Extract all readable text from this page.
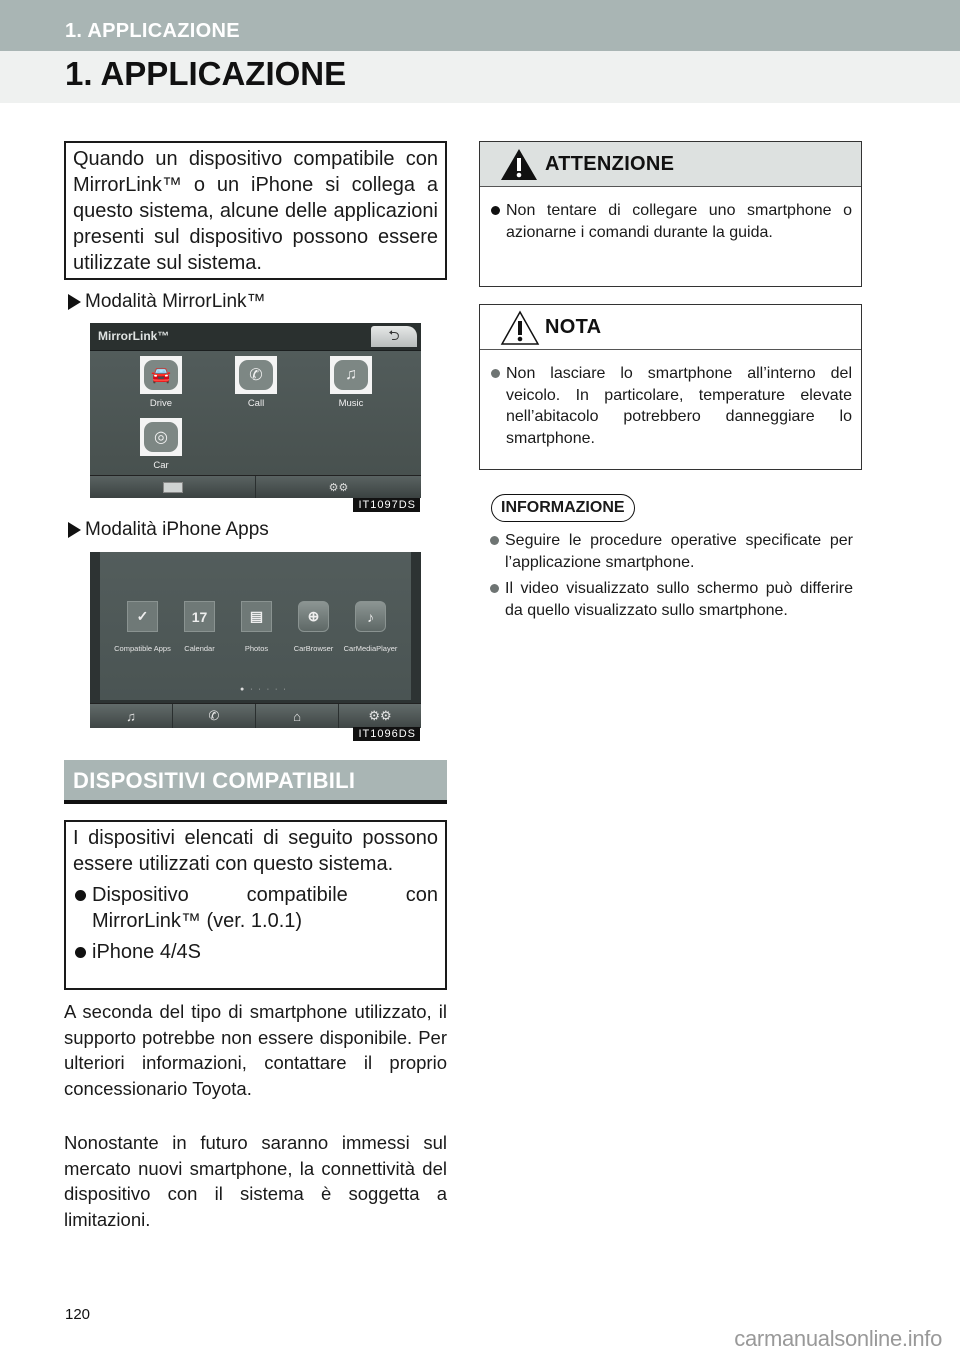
1. APPLICAZIONE
1. APPLICAZIONE

Quando un dispositivo compatibile con MirrorLink™ o un iPhone si collega a questo sistema, alcune delle applicazioni presenti sul dispositivo possono essere utilizzate sul sistema.

Modalità MirrorLink™
MirrorLink™	⮌
🚘
Drive
✆
Call
♫
Music
◎
Car
⚙⚙
IT1097DS
Modalità iPhone Apps
✓
Compatible Apps
17
Calendar
▤
Photos
⊕
CarBrowser
♪
CarMediaPlayer
● · · · · ·
♫	✆	⌂	⚙⚙
IT1096DS
DISPOSITIVI COMPATIBILI

I dispositivi elencati di seguito possono essere utilizzati con questo sistema.

Dispositivo compatibile con MirrorLink™ (ver. 1.0.1)
iPhone 4/4S

A seconda del tipo di smartphone utilizzato, il supporto potrebbe non essere disponibile. Per ulteriori informazioni, contattare il proprio concessionario Toyota.

Nonostante in futuro saranno immessi sul mercato nuovi smartphone, la connettività del dispositivo con il sistema è soggetta a limitazioni.

ATTENZIONE
Non tentare di collegare uno smartphone o azionarne i comandi durante la guida.
NOTA
Non lasciare lo smartphone all’interno del veicolo. In particolare, temperature elevate nell’abitacolo potrebbero danneggiare lo smartphone.
INFORMAZIONE
Seguire le procedure operative specificate per l’applicazione smartphone.
Il video visualizzato sullo schermo può differire da quello visualizzato sullo smartphone.
120
carmanualsonline.info
